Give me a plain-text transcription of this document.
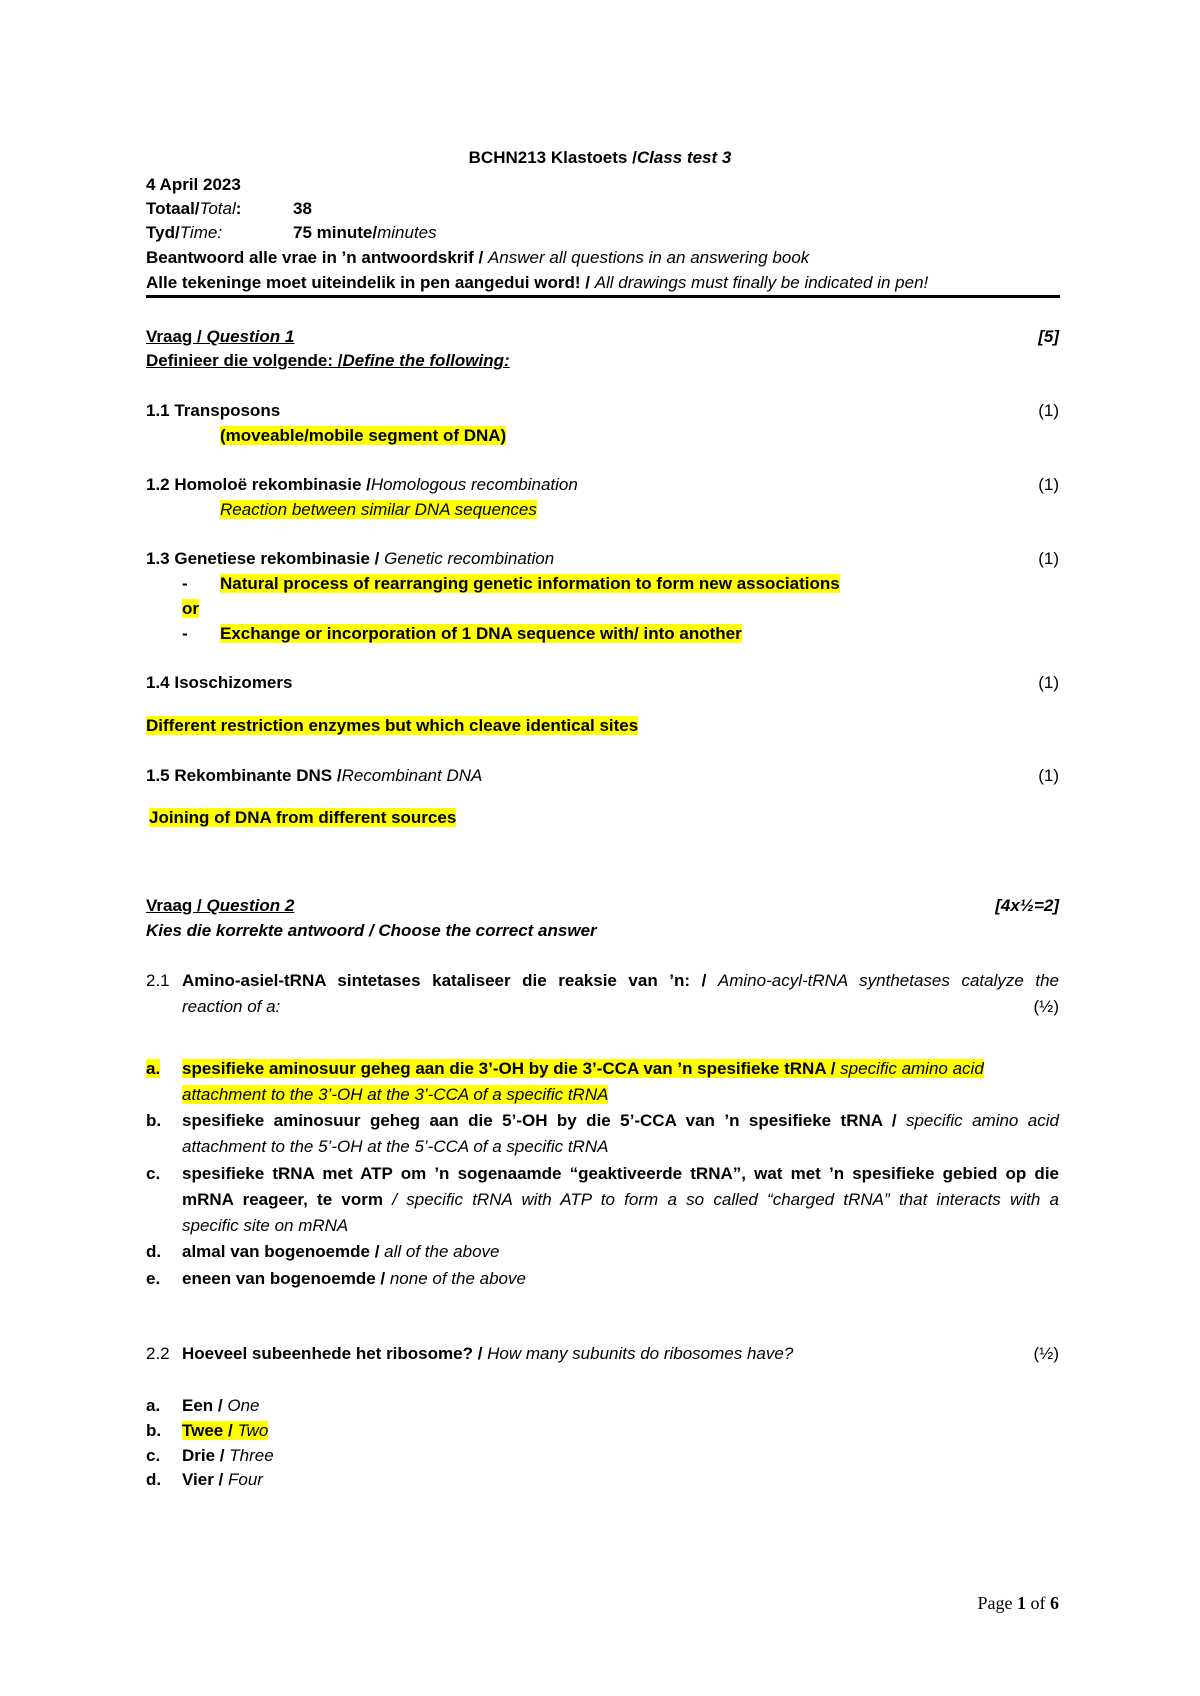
BCHN213 Klastoets /Class test 3
4 April 2023
Totaal/Total:	38
Tyd/Time:	75 minute/minutes
Beantwoord alle vrae in ’n antwoordskrif / Answer all questions in an answering book
Alle tekeninge moet uiteindelik in pen aangedui word! / All drawings must finally be indicated in pen!
Vraag / Question 1	[5]
Definieer die volgende: /Define the following:
1.1 Transposons	(1)
(moveable/mobile segment of DNA)
1.2 Homoloë rekombinasie /Homologous recombination	(1)
Reaction between similar DNA sequences
1.3 Genetiese rekombinasie / Genetic recombination	(1)
- Natural process of rearranging genetic information to form new associations
or
- Exchange or incorporation of 1 DNA sequence with/ into another
1.4 Isoschizomers	(1)
Different restriction enzymes but which cleave identical sites
1.5 Rekombinante DNS /Recombinant DNA	(1)
Joining of DNA from different sources
Vraag / Question 2	[4x½=2]
Kies die korrekte antwoord / Choose the correct answer
2.1 Amino-asiel-tRNA sintetases kataliseer die reaksie van ’n: / Amino-acyl-tRNA synthetases catalyze the
reaction of a:	(½)
a. spesifieke aminosuur geheg aan die 3’-OH by die 3’-CCA van ’n spesifieke tRNA / specific amino acid
attachment to the 3’-OH at the 3’-CCA of a specific tRNA
b. spesifieke aminosuur geheg aan die 5’-OH by die 5’-CCA van ’n spesifieke tRNA / specific amino acid
attachment to the 5’-OH at the 5’-CCA of a specific tRNA
c. spesifieke tRNA met ATP om ’n sogenaamde “geaktiveerde tRNA”, wat met ’n spesifieke gebied op die
mRNA reageer, te vorm / specific tRNA with ATP to form a so called “charged tRNA” that interacts with a
specific site on mRNA
d. almal van bogenoemde / all of the above
e. eneen van bogenoemde / none of the above
2.2 Hoeveel subeenhede het ribosome? / How many subunits do ribosomes have?	(½)
a. Een / One
b. Twee / Two
c. Drie / Three
d. Vier / Four
Page 1 of 6
